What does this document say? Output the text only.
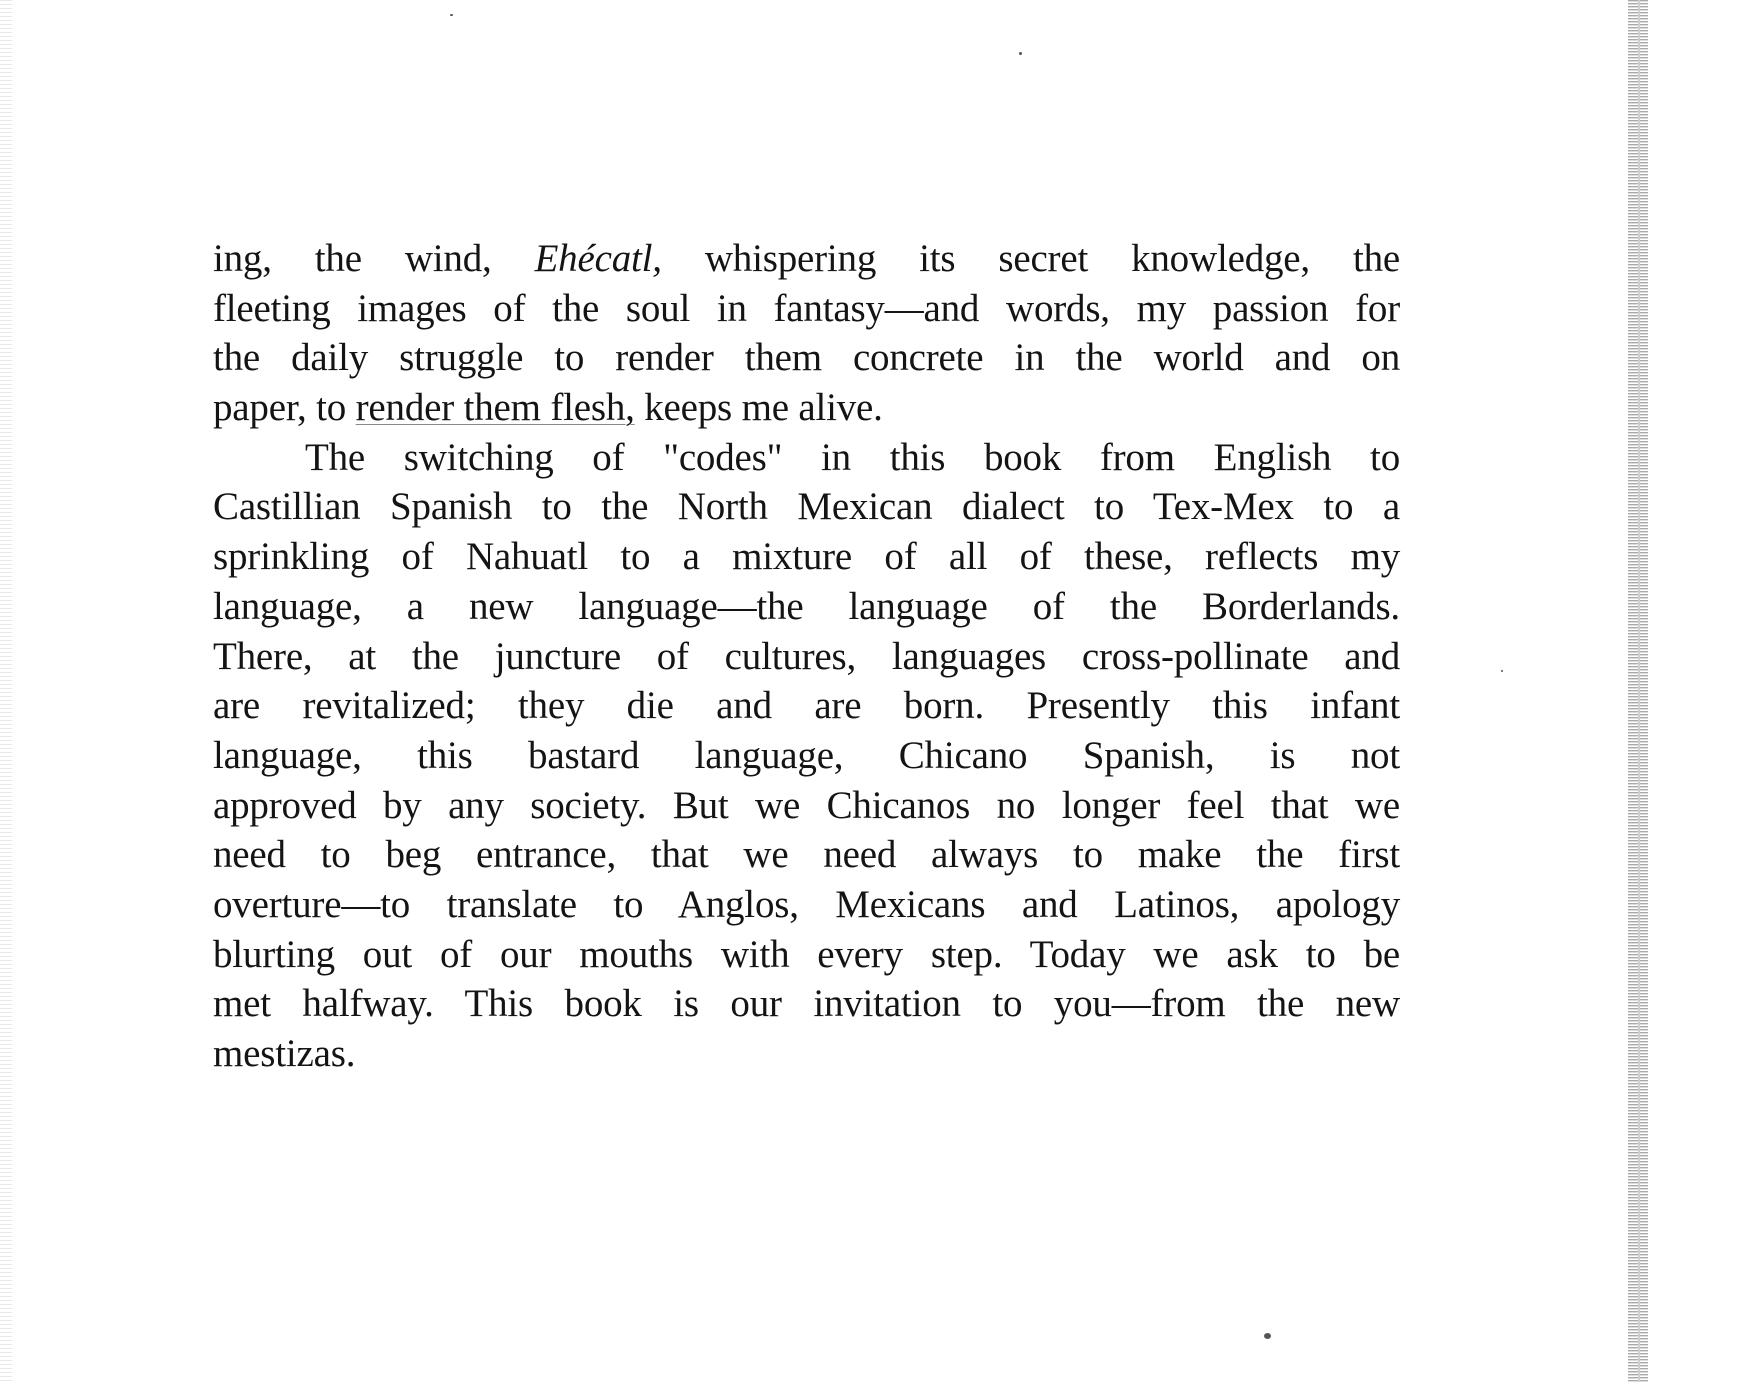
ing, the wind, Ehécatl, whispering its secret knowledge, the
fleeting images of the soul in fantasy—and words, my passion for
the daily struggle to render them concrete in the world and on
paper, to render them flesh, keeps me alive.
The switching of "codes" in this book from English to
Castillian Spanish to the North Mexican dialect to Tex-Mex to a
sprinkling of Nahuatl to a mixture of all of these, reflects my
language, a new language—the language of the Borderlands.
There, at the juncture of cultures, languages cross-pollinate and
are revitalized; they die and are born. Presently this infant
language, this bastard language, Chicano Spanish, is not
approved by any society. But we Chicanos no longer feel that we
need to beg entrance, that we need always to make the first
overture—to translate to Anglos, Mexicans and Latinos, apology
blurting out of our mouths with every step. Today we ask to be
met halfway. This book is our invitation to you—from the new
mestizas.
